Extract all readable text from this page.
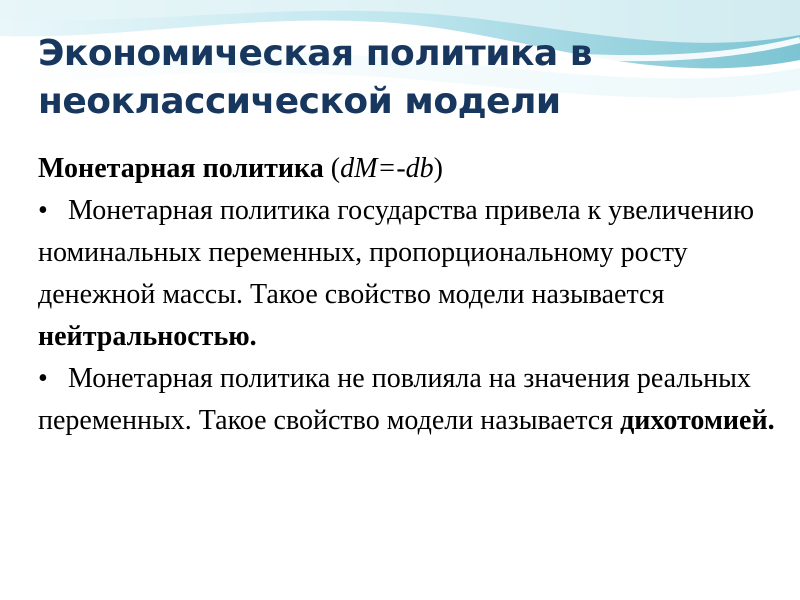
Экономическая политика в
неоклассической модели

Монетарная политика (dM=-db)

• Монетарная политика государства привела к увеличению номинальных переменных, пропорциональному росту денежной массы. Такое свойство модели называется нейтральностью.

• Монетарная политика не повлияла на значения реальных переменных. Такое свойство модели называется дихотомией.
